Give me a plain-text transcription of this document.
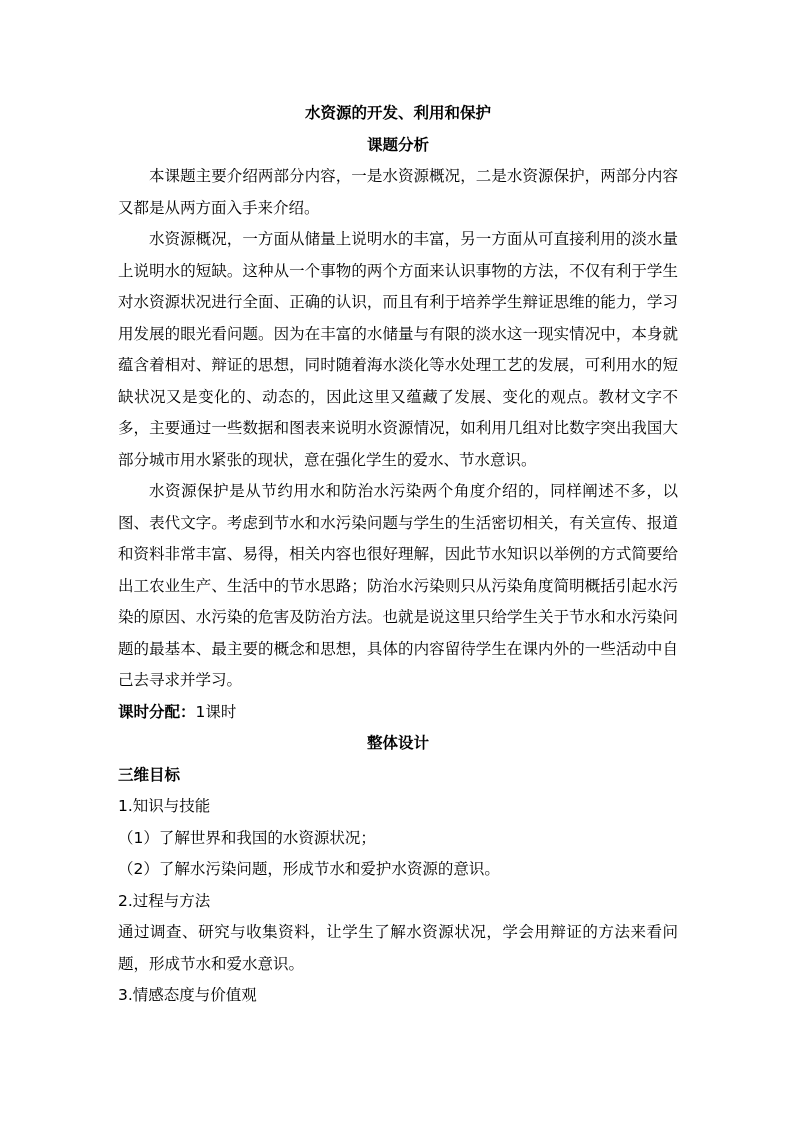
水资源的开发、利用和保护

课题分析

本课题主要介绍两部分内容，一是水资源概况，二是水资源保护，两部分内容又都是从两方面入手来介绍。

水资源概况，一方面从储量上说明水的丰富，另一方面从可直接利用的淡水量上说明水的短缺。这种从一个事物的两个方面来认识事物的方法，不仅有利于学生对水资源状况进行全面、正确的认识，而且有利于培养学生辩证思维的能力，学习用发展的眼光看问题。因为在丰富的水储量与有限的淡水这一现实情况中，本身就蕴含着相对、辩证的思想，同时随着海水淡化等水处理工艺的发展，可利用水的短缺状况又是变化的、动态的，因此这里又蕴藏了发展、变化的观点。教材文字不多，主要通过一些数据和图表来说明水资源情况，如利用几组对比数字突出我国大部分城市用水紧张的现状，意在强化学生的爱水、节水意识。

水资源保护是从节约用水和防治水污染两个角度介绍的，同样阐述不多，以图、表代文字。考虑到节水和水污染问题与学生的生活密切相关，有关宣传、报道和资料非常丰富、易得，相关内容也很好理解，因此节水知识以举例的方式简要给出工农业生产、生活中的节水思路；防治水污染则只从污染角度简明概括引起水污染的原因、水污染的危害及防治方法。也就是说这里只给学生关于节水和水污染问题的最基本、最主要的概念和思想，具体的内容留待学生在课内外的一些活动中自己去寻求并学习。

课时分配：1课时

整体设计

三维目标

1.知识与技能

（1）了解世界和我国的水资源状况；

（2）了解水污染问题，形成节水和爱护水资源的意识。

2.过程与方法

通过调查、研究与收集资料，让学生了解水资源状况，学会用辩证的方法来看问题，形成节水和爱水意识。

3.情感态度与价值观
